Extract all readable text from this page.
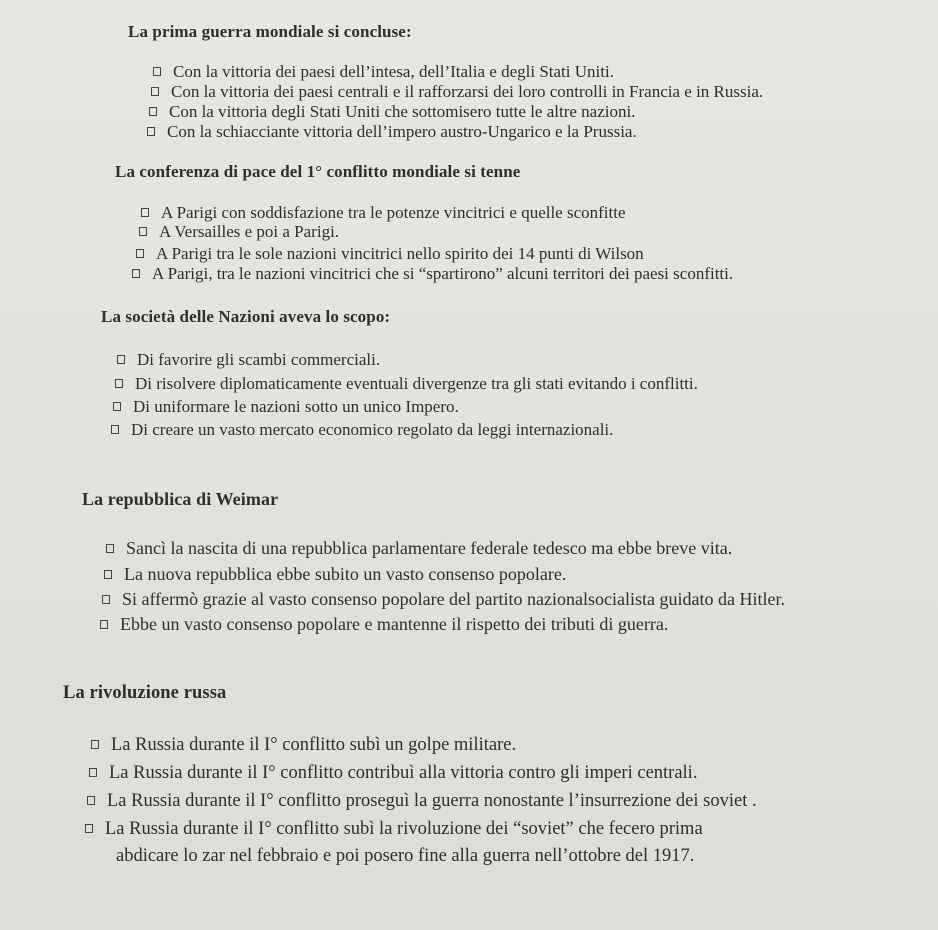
La prima guerra mondiale si concluse:
Con la vittoria dei paesi dell’intesa, dell’Italia e degli Stati Uniti.
Con la vittoria dei paesi centrali e il rafforzarsi dei loro controlli in Francia e in Russia.
Con la vittoria degli Stati Uniti che sottomisero tutte le altre nazioni.
Con la schiacciante vittoria dell’impero austro-Ungarico e la Prussia.
La conferenza di pace del 1° conflitto mondiale si tenne
A Parigi con soddisfazione tra le potenze vincitrici e quelle sconfitte
A Versailles e poi a Parigi.
A Parigi tra le sole nazioni vincitrici nello spirito dei 14 punti di Wilson
A Parigi, tra le nazioni vincitrici che si “spartirono” alcuni territori dei paesi sconfitti.
La società delle Nazioni aveva lo scopo:
Di favorire gli scambi commerciali.
Di risolvere diplomaticamente eventuali divergenze tra gli stati evitando i conflitti.
Di uniformare le nazioni sotto un unico Impero.
Di creare un vasto mercato economico regolato da leggi internazionali.
La repubblica di Weimar
Sancì la nascita di una repubblica parlamentare federale tedesco ma ebbe breve vita.
La nuova repubblica ebbe subito un vasto consenso popolare.
Si affermò grazie al vasto consenso popolare del partito nazionalsocialista guidato da Hitler.
Ebbe un vasto consenso popolare e mantenne il rispetto dei tributi di guerra.
La rivoluzione russa
La Russia durante il I° conflitto subì un golpe militare.
La Russia durante il I° conflitto contribuì alla vittoria contro gli imperi centrali.
La Russia durante il I° conflitto proseguì la guerra nonostante l’insurrezione dei soviet .
La Russia durante il I° conflitto subì la rivoluzione dei “soviet” che fecero prima
abdicare lo zar nel febbraio e poi posero fine alla guerra nell’ottobre del 1917.
